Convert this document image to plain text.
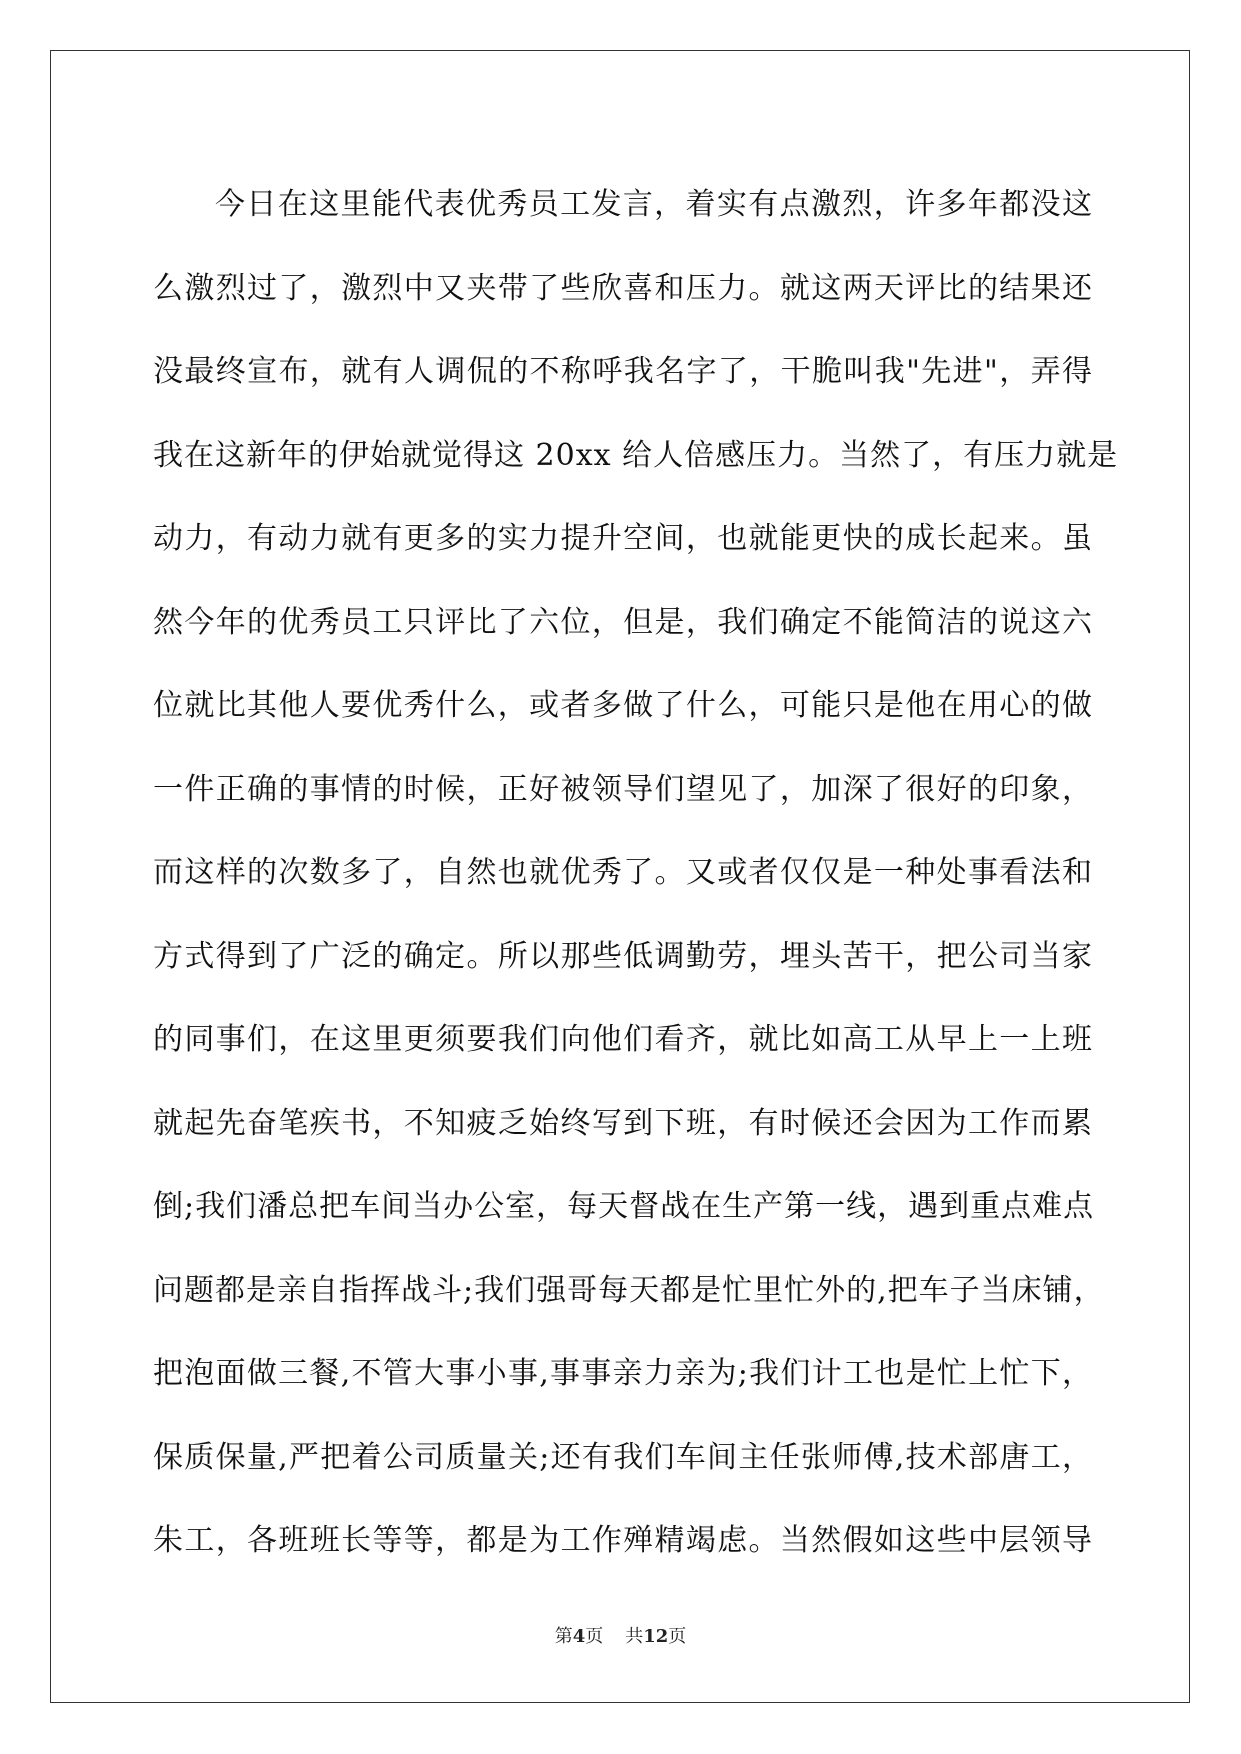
今日在这里能代表优秀员工发言，着实有点激烈，许多年都没这
么激烈过了，激烈中又夹带了些欣喜和压力。就这两天评比的结果还
没最终宣布，就有人调侃的不称呼我名字了，干脆叫我"先进"，弄得
我在这新年的伊始就觉得这 20xx 给人倍感压力。当然了，有压力就是
动力，有动力就有更多的实力提升空间，也就能更快的成长起来。虽
然今年的优秀员工只评比了六位，但是，我们确定不能简洁的说这六
位就比其他人要优秀什么，或者多做了什么，可能只是他在用心的做
一件正确的事情的时候，正好被领导们望见了，加深了很好的印象，
而这样的次数多了，自然也就优秀了。又或者仅仅是一种处事看法和
方式得到了广泛的确定。所以那些低调勤劳，埋头苦干，把公司当家
的同事们，在这里更须要我们向他们看齐，就比如高工从早上一上班
就起先奋笔疾书，不知疲乏始终写到下班，有时候还会因为工作而累
倒;我们潘总把车间当办公室，每天督战在生产第一线，遇到重点难点
问题都是亲自指挥战斗;我们强哥每天都是忙里忙外的,把车子当床铺，
把泡面做三餐,不管大事小事,事事亲力亲为;我们计工也是忙上忙下，
保质保量,严把着公司质量关;还有我们车间主任张师傅,技术部唐工，
朱工，各班班长等等，都是为工作殚精竭虑。当然假如这些中层领导
第4页 共12页
